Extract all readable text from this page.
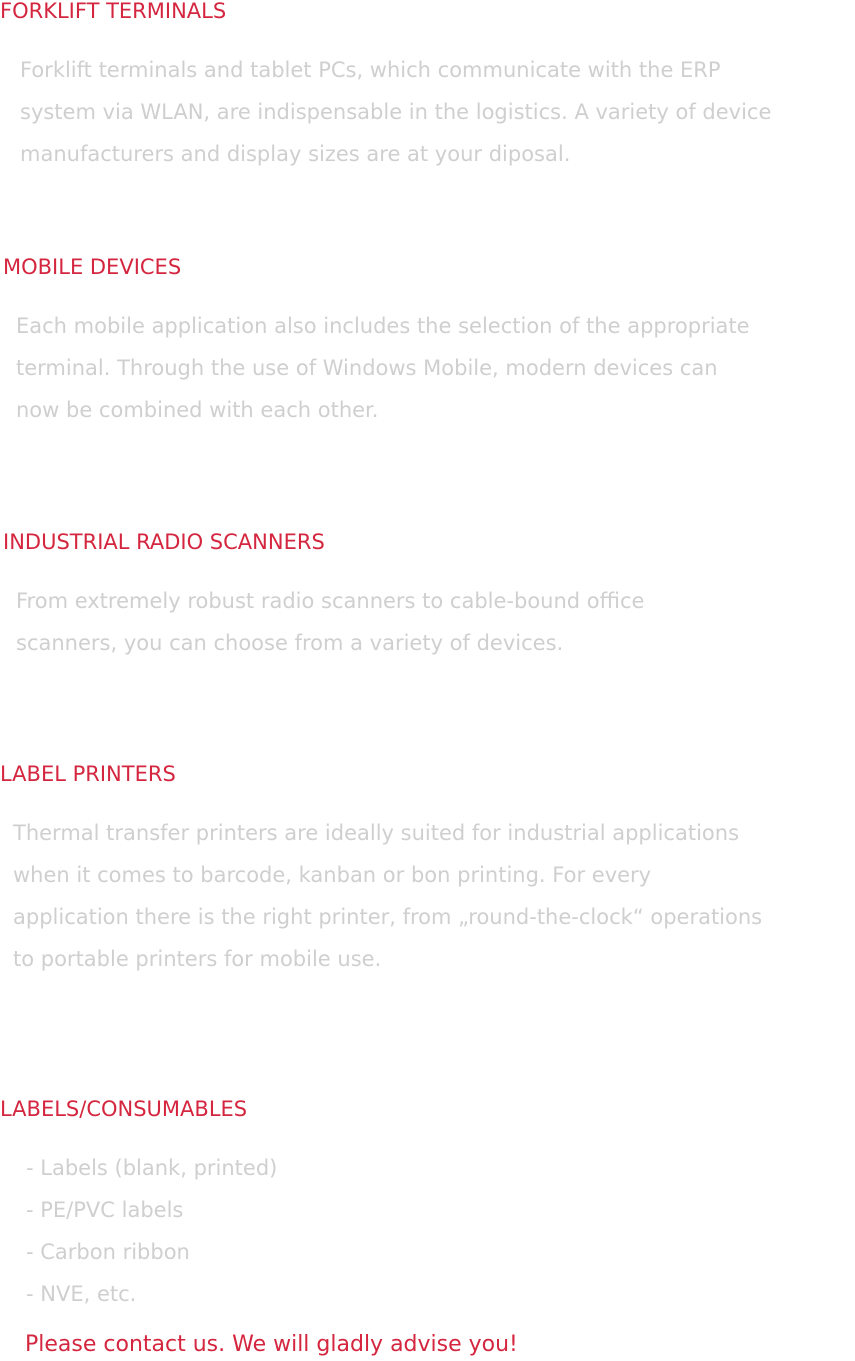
FORKLIFT TERMINALS
Forklift terminals and tablet PCs, which communicate with the ERP
system via WLAN, are indispensable in the logistics. A variety of device
manufacturers and display sizes are at your diposal.
MOBILE DEVICES
Each mobile application also includes the selection of the appropriate
terminal. Through the use of Windows Mobile, modern devices can
now be combined with each other.
INDUSTRIAL RADIO SCANNERS
From extremely robust radio scanners to cable-bound office
scanners, you can choose from a variety of devices.
LABEL PRINTERS
Thermal transfer printers are ideally suited for industrial applications
when it comes to barcode, kanban or bon printing. For every
application there is the right printer, from „round-the-clock“ operations
to portable printers for mobile use.
LABELS/CONSUMABLES
- Labels (blank, printed)
- PE/PVC labels
- Carbon ribbon
- NVE, etc.

Please contact us. We will gladly advise you!
